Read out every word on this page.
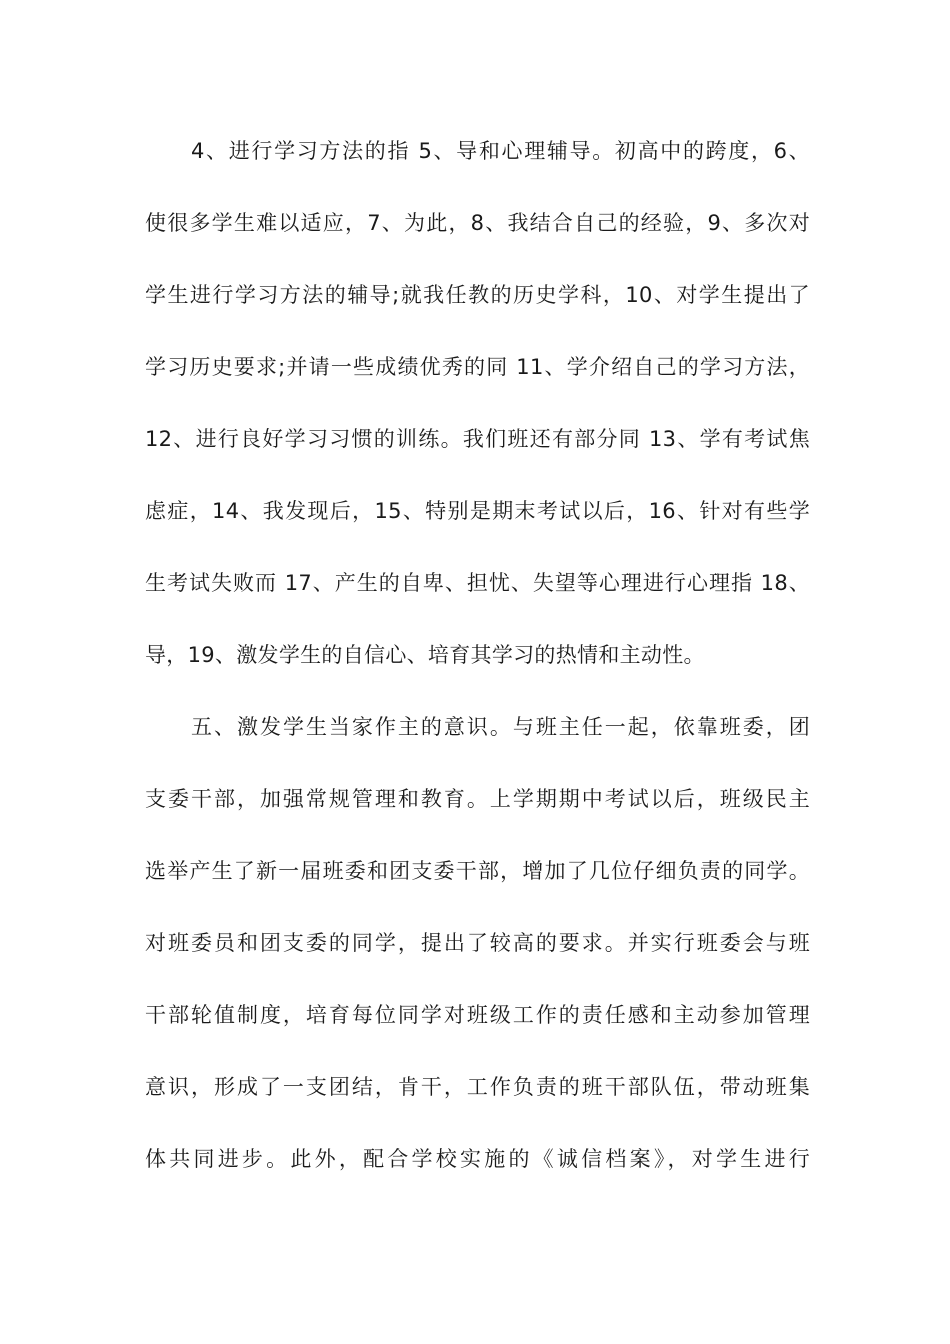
4、进行学习方法的指 5、导和心理辅导。初高中的跨度，6、
使很多学生难以适应，7、为此，8、我结合自己的经验，9、多次对
学生进行学习方法的辅导;就我任教的历史学科，10、对学生提出了
学习历史要求;并请一些成绩优秀的同 11、学介绍自己的学习方法，
12、进行良好学习习惯的训练。我们班还有部分同 13、学有考试焦
虑症，14、我发现后，15、特别是期末考试以后，16、针对有些学
生考试失败而 17、产生的自卑、担忧、失望等心理进行心理指 18、
导，19、激发学生的自信心、培育其学习的热情和主动性。
五、激发学生当家作主的意识。与班主任一起，依靠班委，团
支委干部，加强常规管理和教育。上学期期中考试以后，班级民主
选举产生了新一届班委和团支委干部，增加了几位仔细负责的同学。
对班委员和团支委的同学，提出了较高的要求。并实行班委会与班
干部轮值制度，培育每位同学对班级工作的责任感和主动参加管理
意识，形成了一支团结，肯干，工作负责的班干部队伍，带动班集
体共同进步。此外，配合学校实施的《诚信档案》，对学生进行
